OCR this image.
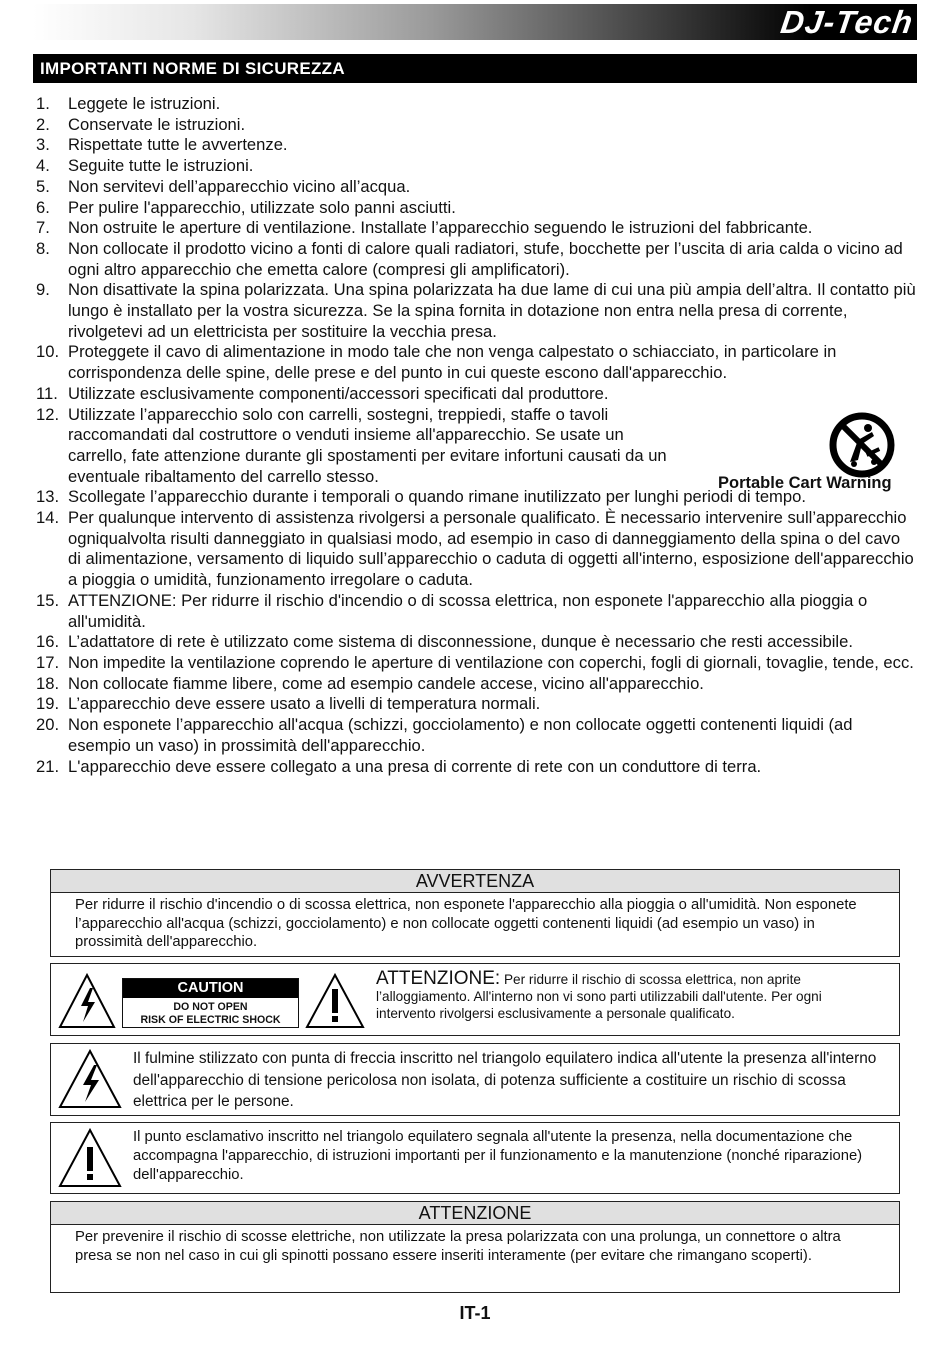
DJ-Tech
IMPORTANTI NORME DI SICUREZZA
1. Leggete le istruzioni.
2. Conservate le istruzioni.
3. Rispettate tutte le avvertenze.
4. Seguite tutte le istruzioni.
5. Non servitevi dell’apparecchio vicino all’acqua.
6. Per pulire l'apparecchio, utilizzate solo panni asciutti.
7. Non ostruite le aperture di ventilazione. Installate l’apparecchio seguendo le istruzioni del fabbricante.
8. Non collocate il prodotto vicino a fonti di calore quali radiatori, stufe, bocchette per l’uscita di aria calda o vicino ad ogni altro apparecchio che emetta calore (compresi gli amplificatori).
9. Non disattivate la spina polarizzata. Una spina polarizzata ha due lame di cui una più ampia dell’altra. Il contatto più lungo è installato per la vostra sicurezza. Se la spina fornita in dotazione non entra nella presa di corrente, rivolgetevi ad un elettricista per sostituire la vecchia presa.
10. Proteggete il cavo di alimentazione in modo tale che non venga calpestato o schiacciato, in particolare in corrispondenza delle spine, delle prese e del punto in cui queste escono dall'apparecchio.
11. Utilizzate esclusivamente componenti/accessori specificati dal produttore.
12. Utilizzate l’apparecchio solo con carrelli, sostegni, treppiedi, staffe o tavoli raccomandati dal costruttore o venduti insieme all'apparecchio. Se usate un carrello, fate attenzione durante gli spostamenti per evitare infortuni causati da un eventuale ribaltamento del carrello stesso.
13. Scollegate l’apparecchio durante i temporali o quando rimane inutilizzato per lunghi periodi di tempo.
14. Per qualunque intervento di assistenza rivolgersi a personale qualificato. È necessario intervenire sull’apparecchio ogniqualvolta risulti danneggiato in qualsiasi modo, ad esempio in caso di danneggiamento della spina o del cavo di alimentazione, versamento di liquido sull’apparecchio o caduta di oggetti all'interno, esposizione dell'apparecchio a pioggia o umidità, funzionamento irregolare o caduta.
15. ATTENZIONE: Per ridurre il rischio d'incendio o di scossa elettrica, non esponete l'apparecchio alla pioggia o all'umidità.
16. L’adattatore di rete è utilizzato come sistema di disconnessione, dunque è necessario che resti accessibile.
17. Non impedite la ventilazione coprendo le aperture di ventilazione con coperchi, fogli di giornali, tovaglie, tende, ecc.
18. Non collocate fiamme libere, come ad esempio candele accese, vicino all'apparecchio.
19. L’apparecchio deve essere usato a livelli di temperatura normali.
20. Non esponete l’apparecchio all'acqua (schizzi, gocciolamento) e non collocate oggetti contenenti liquidi (ad esempio un vaso) in prossimità dell'apparecchio.
21. L'apparecchio deve essere collegato a una presa di corrente di rete con un conduttore di terra.
Portable Cart Warning
AVVERTENZA
Per ridurre il rischio d'incendio o di scossa elettrica, non esponete l'apparecchio alla pioggia o all'umidità. Non esponete l’apparecchio all'acqua (schizzi, gocciolamento) e non collocate oggetti contenenti liquidi (ad esempio un vaso) in prossimità dell'apparecchio.
CAUTION
DO NOT OPEN
RISK OF ELECTRIC SHOCK
ATTENZIONE: Per ridurre il rischio di scossa elettrica, non aprite l’alloggiamento. All'interno non vi sono parti utilizzabili dall'utente. Per ogni intervento rivolgersi esclusivamente a personale qualificato.
Il fulmine stilizzato con punta di freccia inscritto nel triangolo equilatero indica all'utente la presenza all'interno dell'apparecchio di tensione pericolosa non isolata, di potenza sufficiente a costituire un rischio di scossa elettrica per le persone.
Il punto esclamativo inscritto nel triangolo equilatero segnala all'utente la presenza, nella documentazione che accompagna l'apparecchio, di istruzioni importanti per il funzionamento e la manutenzione (nonché riparazione) dell'apparecchio.
ATTENZIONE
Per prevenire il rischio di scosse elettriche, non utilizzate la presa polarizzata con una prolunga, un connettore o altra presa se non nel caso in cui gli spinotti possano essere inseriti interamente (per evitare che rimangano scoperti).
IT-1
